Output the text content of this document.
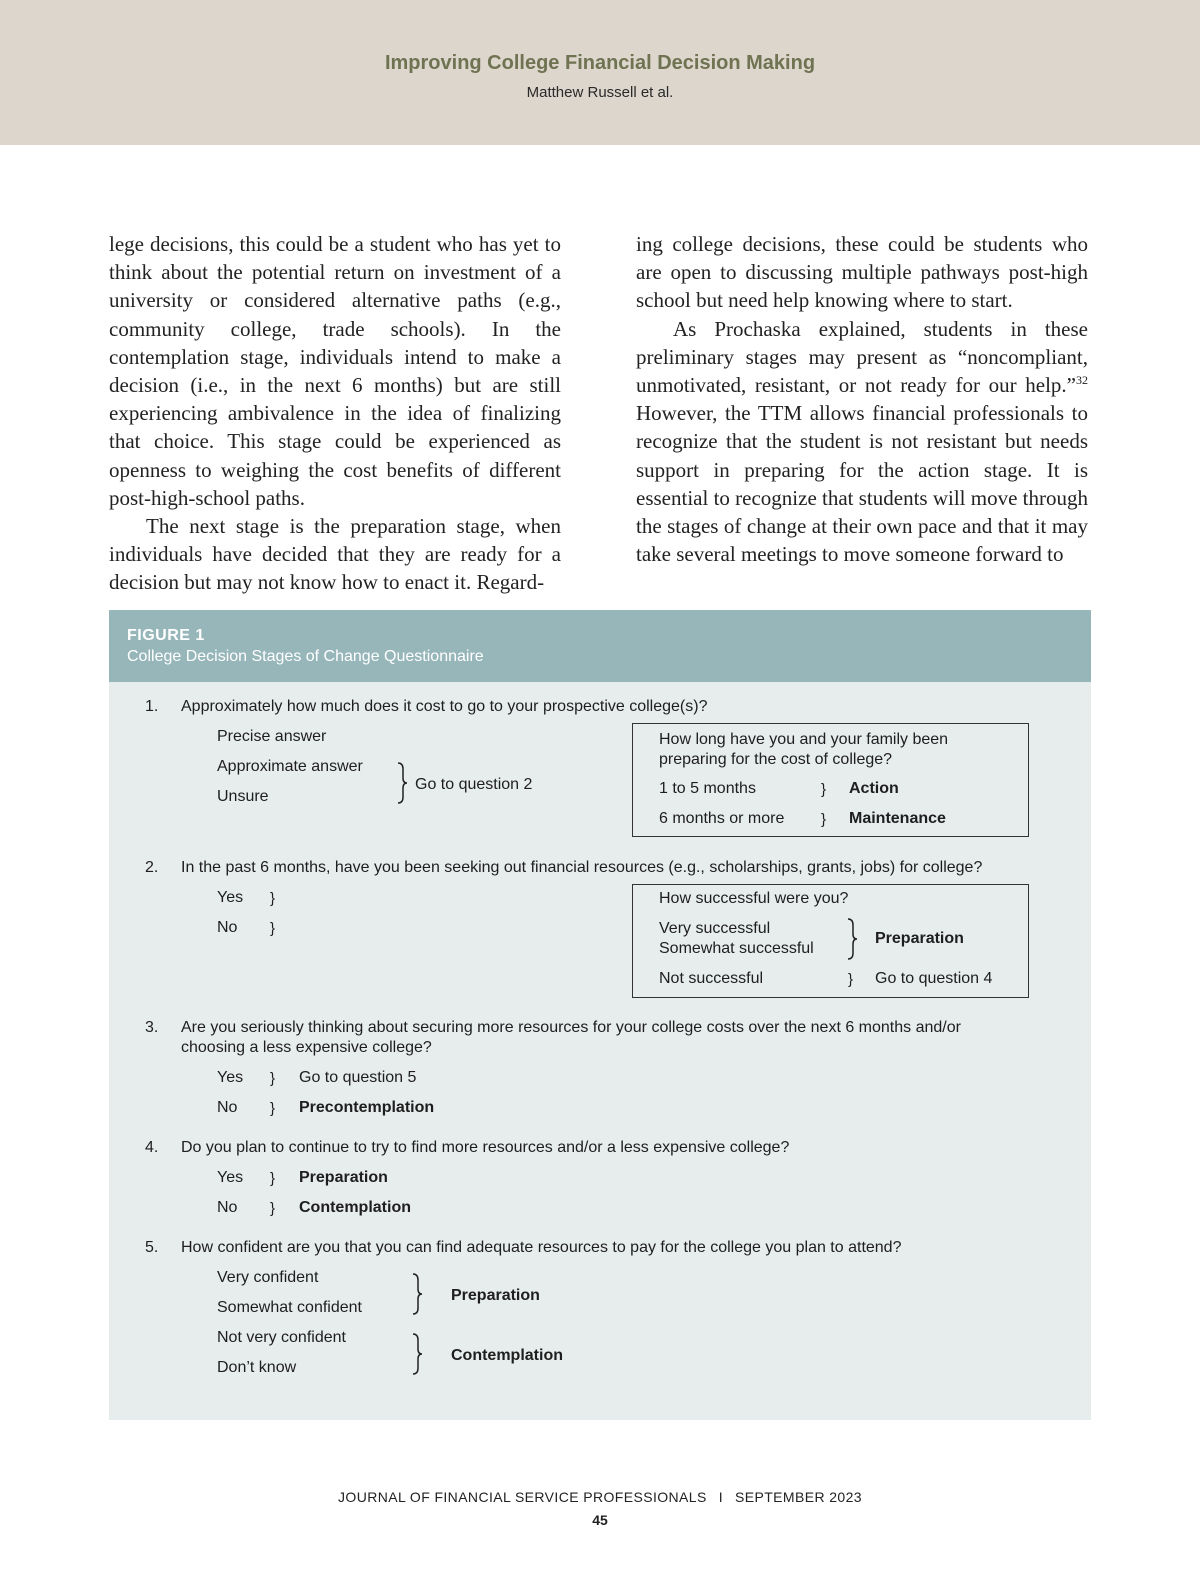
Improving College Financial Decision Making
Matthew Russell et al.

lege decisions, this could be a student who has yet to think about the potential return on investment of a university or considered alternative paths (e.g., community college, trade schools). In the contemplation stage, individuals intend to make a decision (i.e., in the next 6 months) but are still experiencing ambivalence in the idea of finalizing that choice. This stage could be experienced as openness to weighing the cost benefits of different post-high-school paths.

The next stage is the preparation stage, when individuals have decided that they are ready for a decision but may not know how to enact it. Regard-

ing college decisions, these could be students who are open to discussing multiple pathways post-high school but need help knowing where to start.

As Prochaska explained, students in these preliminary stages may present as “noncompliant, unmotivated, resistant, or not ready for our help.”$^{32}$ However, the TTM allows financial professionals to recognize that the student is not resistant but needs support in preparing for the action stage. It is essential to recognize that students will move through the stages of change at their own pace and that it may take several meetings to move someone forward to

FIGURE 1
College Decision Stages of Change Questionnaire
1. Approximately how much does it cost to go to your prospective college(s)?
Precise answer
Approximate answer
Unsure
Go to question 2
How long have you and your family been preparing for the cost of college?
1 to 5 months	} Action
6 months or more } Maintenance
2. In the past 6 months, have you been seeking out financial resources (e.g., scholarships, grants, jobs) for college?
Yes }
No }
How successful were you?
Very successful
Somewhat successful
Preparation
Not successful	} Go to question 4
3. Are you seriously thinking about securing more resources for your college costs over the next 6 months and/or
choosing a less expensive college?
Yes } Go to question 5
No } Precontemplation
4. Do you plan to continue to try to find more resources and/or a less expensive college?
Yes } Preparation
No } Contemplation
5. How confident are you that you can find adequate resources to pay for the college you plan to attend?
Very confident
Somewhat confident
Preparation
Not very confident
Don’t know
Contemplation
JOURNAL OF FINANCIAL SERVICE PROFESSIONALS I SEPTEMBER 2023
45
